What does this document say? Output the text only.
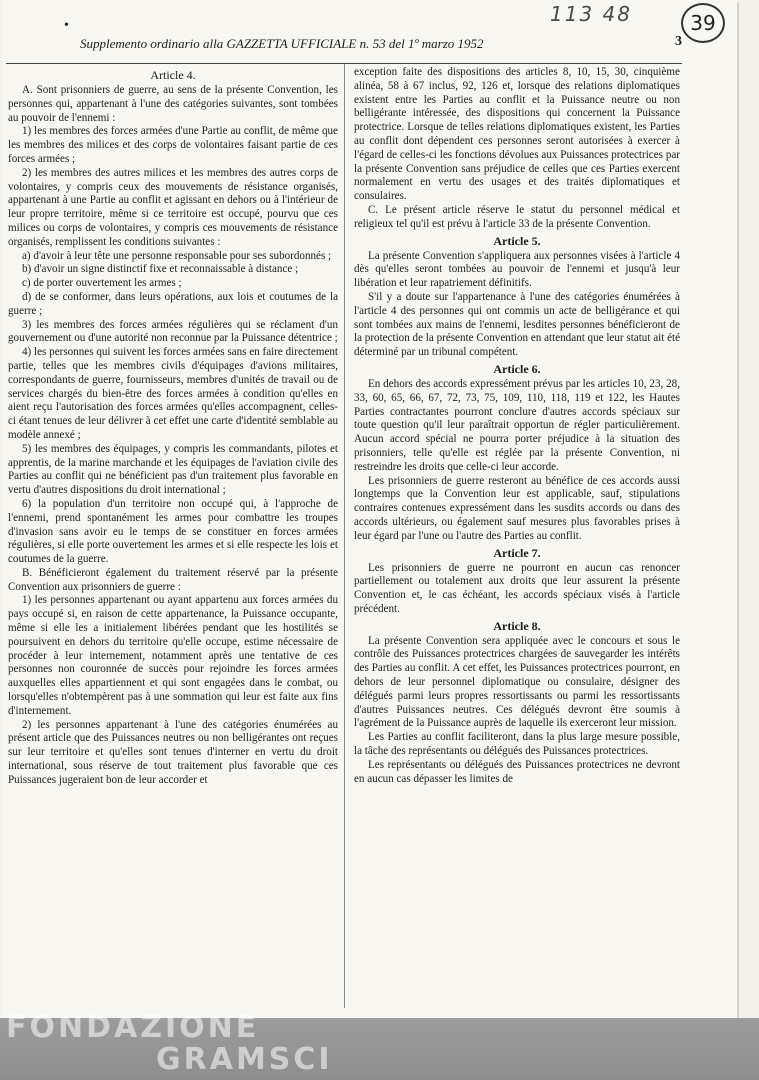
•	113 48	39
Supplemento ordinario alla GAZZETTA UFFICIALE n. 53 del 1º marzo 1952	3
Article 4.

A. Sont prisonniers de guerre, au sens de la présente Convention, les personnes qui, appartenant à l'une des catégories suivantes, sont tombées au pouvoir de l'ennemi :

1) les membres des forces armées d'une Partie au conflit, de même que les membres des milices et des corps de volontaires faisant partie de ces forces armées ;

2) les membres des autres milices et les membres des autres corps de volontaires, y compris ceux des mouvements de résistance organisés, appartenant à une Partie au conflit et agissant en dehors ou à l'intérieur de leur propre territoire, même si ce territoire est occupé, pourvu que ces milices ou corps de volontaires, y compris ces mouvements de résistance organisés, remplissent les conditions suivantes :

a) d'avoir à leur tête une personne responsable pour ses subordonnés ;

b) d'avoir un signe distinctif fixe et reconnaissable à distance ;

c) de porter ouvertement les armes ;

d) de se conformer, dans leurs opérations, aux lois et coutumes de la guerre ;

3) les membres des forces armées régulières qui se réclament d'un gouvernement ou d'une autorité non reconnue par la Puissance détentrice ;

4) les personnes qui suivent les forces armées sans en faire directement partie, telles que les membres civils d'équipages d'avions militaires, correspondants de guerre, fournisseurs, membres d'unités de travail ou de services chargés du bien-être des forces armées à condition qu'elles en aient reçu l'autorisation des forces armées qu'elles accompagnent, celles-ci étant tenues de leur délivrer à cet effet une carte d'identité semblable au modèle annexé ;

5) les membres des équipages, y compris les commandants, pilotes et apprentis, de la marine marchande et les équipages de l'aviation civile des Parties au conflit qui ne bénéficient pas d'un traitement plus favorable en vertu d'autres dispositions du droit international ;

6) la population d'un territoire non occupé qui, à l'approche de l'ennemi, prend spontanément les armes pour combattre les troupes d'invasion sans avoir eu le temps de se constituer en forces armées régulières, si elle porte ouvertement les armes et si elle respecte les lois et coutumes de la guerre.

B. Bénéficieront également du traitement réservé par la présente Convention aux prisonniers de guerre :

1) les personnes appartenant ou ayant appartenu aux forces armées du pays occupé si, en raison de cette appartenance, la Puissance occupante, même si elle les a initialement libérées pendant que les hostilités se poursuivent en dehors du territoire qu'elle occupe, estime nécessaire de procéder à leur internement, notamment après une tentative de ces personnes non couronnée de succès pour rejoindre les forces armées auxquelles elles appartiennent et qui sont engagées dans le combat, ou lorsqu'elles n'obtempèrent pas à une sommation qui leur est faite aux fins d'internement.

2) les personnes appartenant à l'une des catégories énumérées au présent article que des Puissances neutres ou non belligérantes ont reçues sur leur territoire et qu'elles sont tenues d'interner en vertu du droit international, sous réserve de tout traitement plus favorable que ces Puissances jugeraient bon de leur accorder et

exception faite des dispositions des articles 8, 10, 15, 30, cinquième alinéa, 58 à 67 inclus, 92, 126 et, lorsque des relations diplomatiques existent entre les Parties au conflit et la Puissance neutre ou non belligérante intéressée, des dispositions qui concernent la Puissance protectrice. Lorsque de telles relations diplomatiques existent, les Parties au conflit dont dépendent ces personnes seront autorisées à exercer à l'égard de celles-ci les fonctions dévolues aux Puissances protectrices par la présente Convention sans préjudice de celles que ces Parties exercent normalement en vertu des usages et des traités diplomatiques et consulaires.

C. Le présent article réserve le statut du personnel médical et religieux tel qu'il est prévu à l'article 33 de la présente Convention.

Article 5.

La présente Convention s'appliquera aux personnes visées à l'article 4 dès qu'elles seront tombées au pouvoir de l'ennemi et jusqu'à leur libération et leur rapatriement définitifs.

S'il y a doute sur l'appartenance à l'une des catégories énumérées à l'article 4 des personnes qui ont commis un acte de belligérance et qui sont tombées aux mains de l'ennemi, lesdites personnes bénéficieront de la protection de la présente Convention en attendant que leur statut ait été déterminé par un tribunal compétent.

Article 6.

En dehors des accords expressément prévus par les articles 10, 23, 28, 33, 60, 65, 66, 67, 72, 73, 75, 109, 110, 118, 119 et 122, les Hautes Parties contractantes pourront conclure d'autres accords spéciaux sur toute question qu'il leur paraîtrait opportun de régler particulièrement. Aucun accord spécial ne pourra porter préjudice à la situation des prisonniers, telle qu'elle est réglée par la présente Convention, ni restreindre les droits que celle-ci leur accorde.

Les prisonniers de guerre resteront au bénéfice de ces accords aussi longtemps que la Convention leur est applicable, sauf, stipulations contraires contenues expressément dans les susdits accords ou dans des accords ultérieurs, ou également sauf mesures plus favorables prises à leur égard par l'une ou l'autre des Parties au conflit.

Article 7.

Les prisonniers de guerre ne pourront en aucun cas renoncer partiellement ou totalement aux droits que leur assurent la présente Convention et, le cas échéant, les accords spéciaux visés à l'article précédent.

Article 8.

La présente Convention sera appliquée avec le concours et sous le contrôle des Puissances protectrices chargées de sauvegarder les intérêts des Parties au conflit. A cet effet, les Puissances protectrices pourront, en dehors de leur personnel diplomatique ou consulaire, désigner des délégués parmi leurs propres ressortissants ou parmi les ressortissants d'autres Puissances neutres. Ces délégués devront être soumis à l'agrément de la Puissance auprès de laquelle ils exerceront leur mission.

Les Parties au conflit faciliteront, dans la plus large mesure possible, la tâche des représentants ou délégués des Puissances protectrices.

Les représentants ou délégués des Puissances protectrices ne devront en aucun cas dépasser les limites de

FONDAZIONE
GRAMSCI
